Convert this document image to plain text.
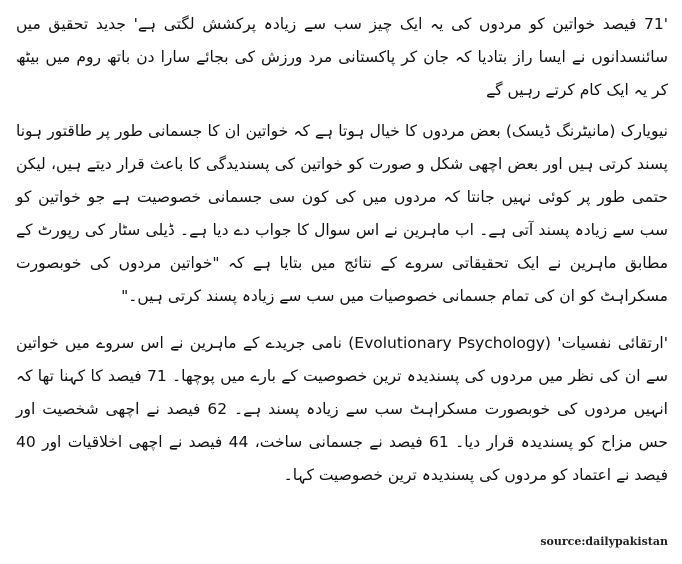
'71 فیصد خواتین کو مردوں کی یہ ایک چیز سب سے زیادہ پرکشش لگتی ہے' جدید تحقیق میں سائنسدانوں نے ایسا راز بتادیا کہ جان کر پاکستانی مرد ورزش کی بجائے سارا دن باتھ روم میں بیٹھ کر یہ ایک کام کرتے رہیں گے

نیویارک (مانیٹرنگ ڈیسک) بعض مردوں کا خیال ہوتا ہے کہ خواتین ان کا جسمانی طور پر طاقتور ہونا پسند کرتی ہیں اور بعض اچھی شکل و صورت کو خواتین کی پسندیدگی کا باعث قرار دیتے ہیں، لیکن حتمی طور پر کوئی نہیں جانتا کہ مردوں میں کی کون سی جسمانی خصوصیت ہے جو خواتین کو سب سے زیادہ پسند آتی ہے۔ اب ماہرین نے اس سوال کا جواب دے دیا ہے۔ ڈیلی سٹار کی رپورٹ کے مطابق ماہرین نے ایک تحقیقاتی سروے کے نتائج میں بتایا ہے کہ "خواتین مردوں کی خوبصورت مسکراہٹ کو ان کی تمام جسمانی خصوصیات میں سب سے زیادہ پسند کرتی ہیں۔"

'ارتقائی نفسیات' (Evolutionary Psychology) نامی جریدے کے ماہرین نے اس سروے میں خواتین سے ان کی نظر میں مردوں کی پسندیدہ ترین خصوصیت کے بارے میں پوچھا۔ 71 فیصد کا کہنا تھا کہ انہیں مردوں کی خوبصورت مسکراہٹ سب سے زیادہ پسند ہے۔ 62 فیصد نے اچھی شخصیت اور حس مزاح کو پسندیدہ قرار دیا۔ 61 فیصد نے جسمانی ساخت، 44 فیصد نے اچھی اخلاقیات اور 40 فیصد نے اعتماد کو مردوں کی پسندیدہ ترین خصوصیت کہا۔

source:dailypakistan
